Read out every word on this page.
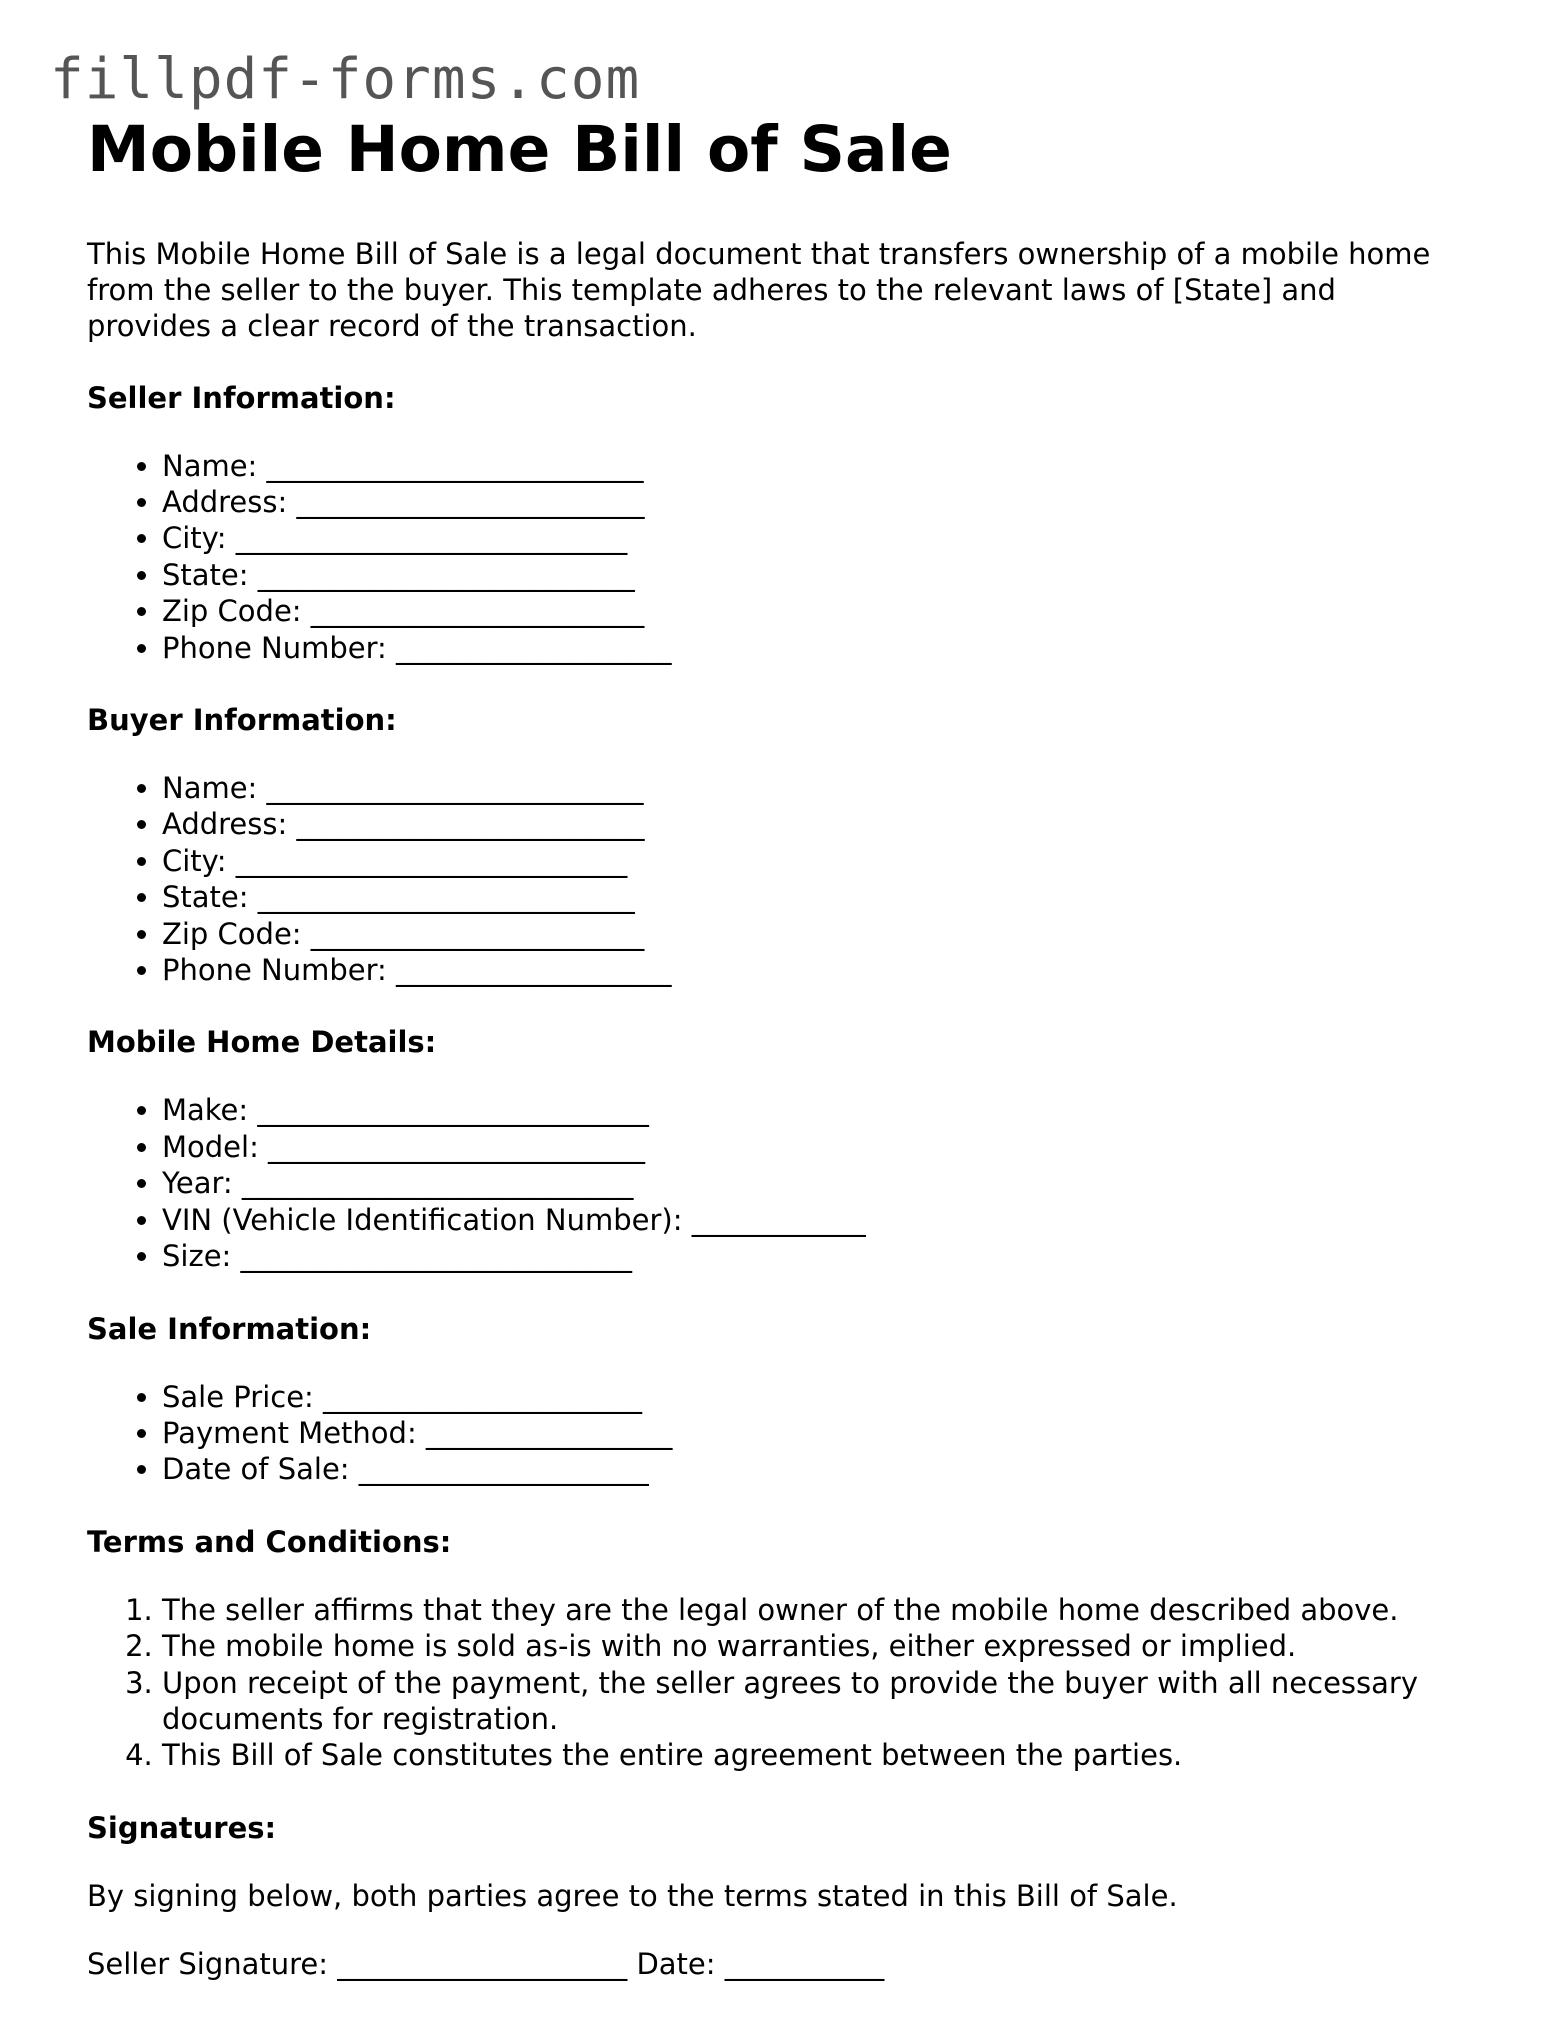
fillpdf-forms.com
Mobile Home Bill of Sale

This Mobile Home Bill of Sale is a legal document that transfers ownership of a mobile home from the seller to the buyer. This template adheres to the relevant laws of [State] and provides a clear record of the transaction.

Seller Information:
• Name: __________________________
• Address: ________________________
• City: ___________________________
• State: __________________________
• Zip Code: _______________________
• Phone Number: ___________________
Buyer Information:
• Name: __________________________
• Address: ________________________
• City: ___________________________
• State: __________________________
• Zip Code: _______________________
• Phone Number: ___________________
Mobile Home Details:
• Make: ___________________________
• Model: __________________________
• Year: ___________________________
• VIN (Vehicle Identification Number): ____________
• Size: ___________________________
Sale Information:
• Sale Price: ______________________
• Payment Method: _________________
• Date of Sale: ____________________
Terms and Conditions:
1. The seller affirms that they are the legal owner of the mobile home described above.
2. The mobile home is sold as-is with no warranties, either expressed or implied.
3. Upon receipt of the payment, the seller agrees to provide the buyer with all necessary documents for registration.
4. This Bill of Sale constitutes the entire agreement between the parties.
Signatures:

By signing below, both parties agree to the terms stated in this Bill of Sale.

Seller Signature: ____________________ Date: ___________
